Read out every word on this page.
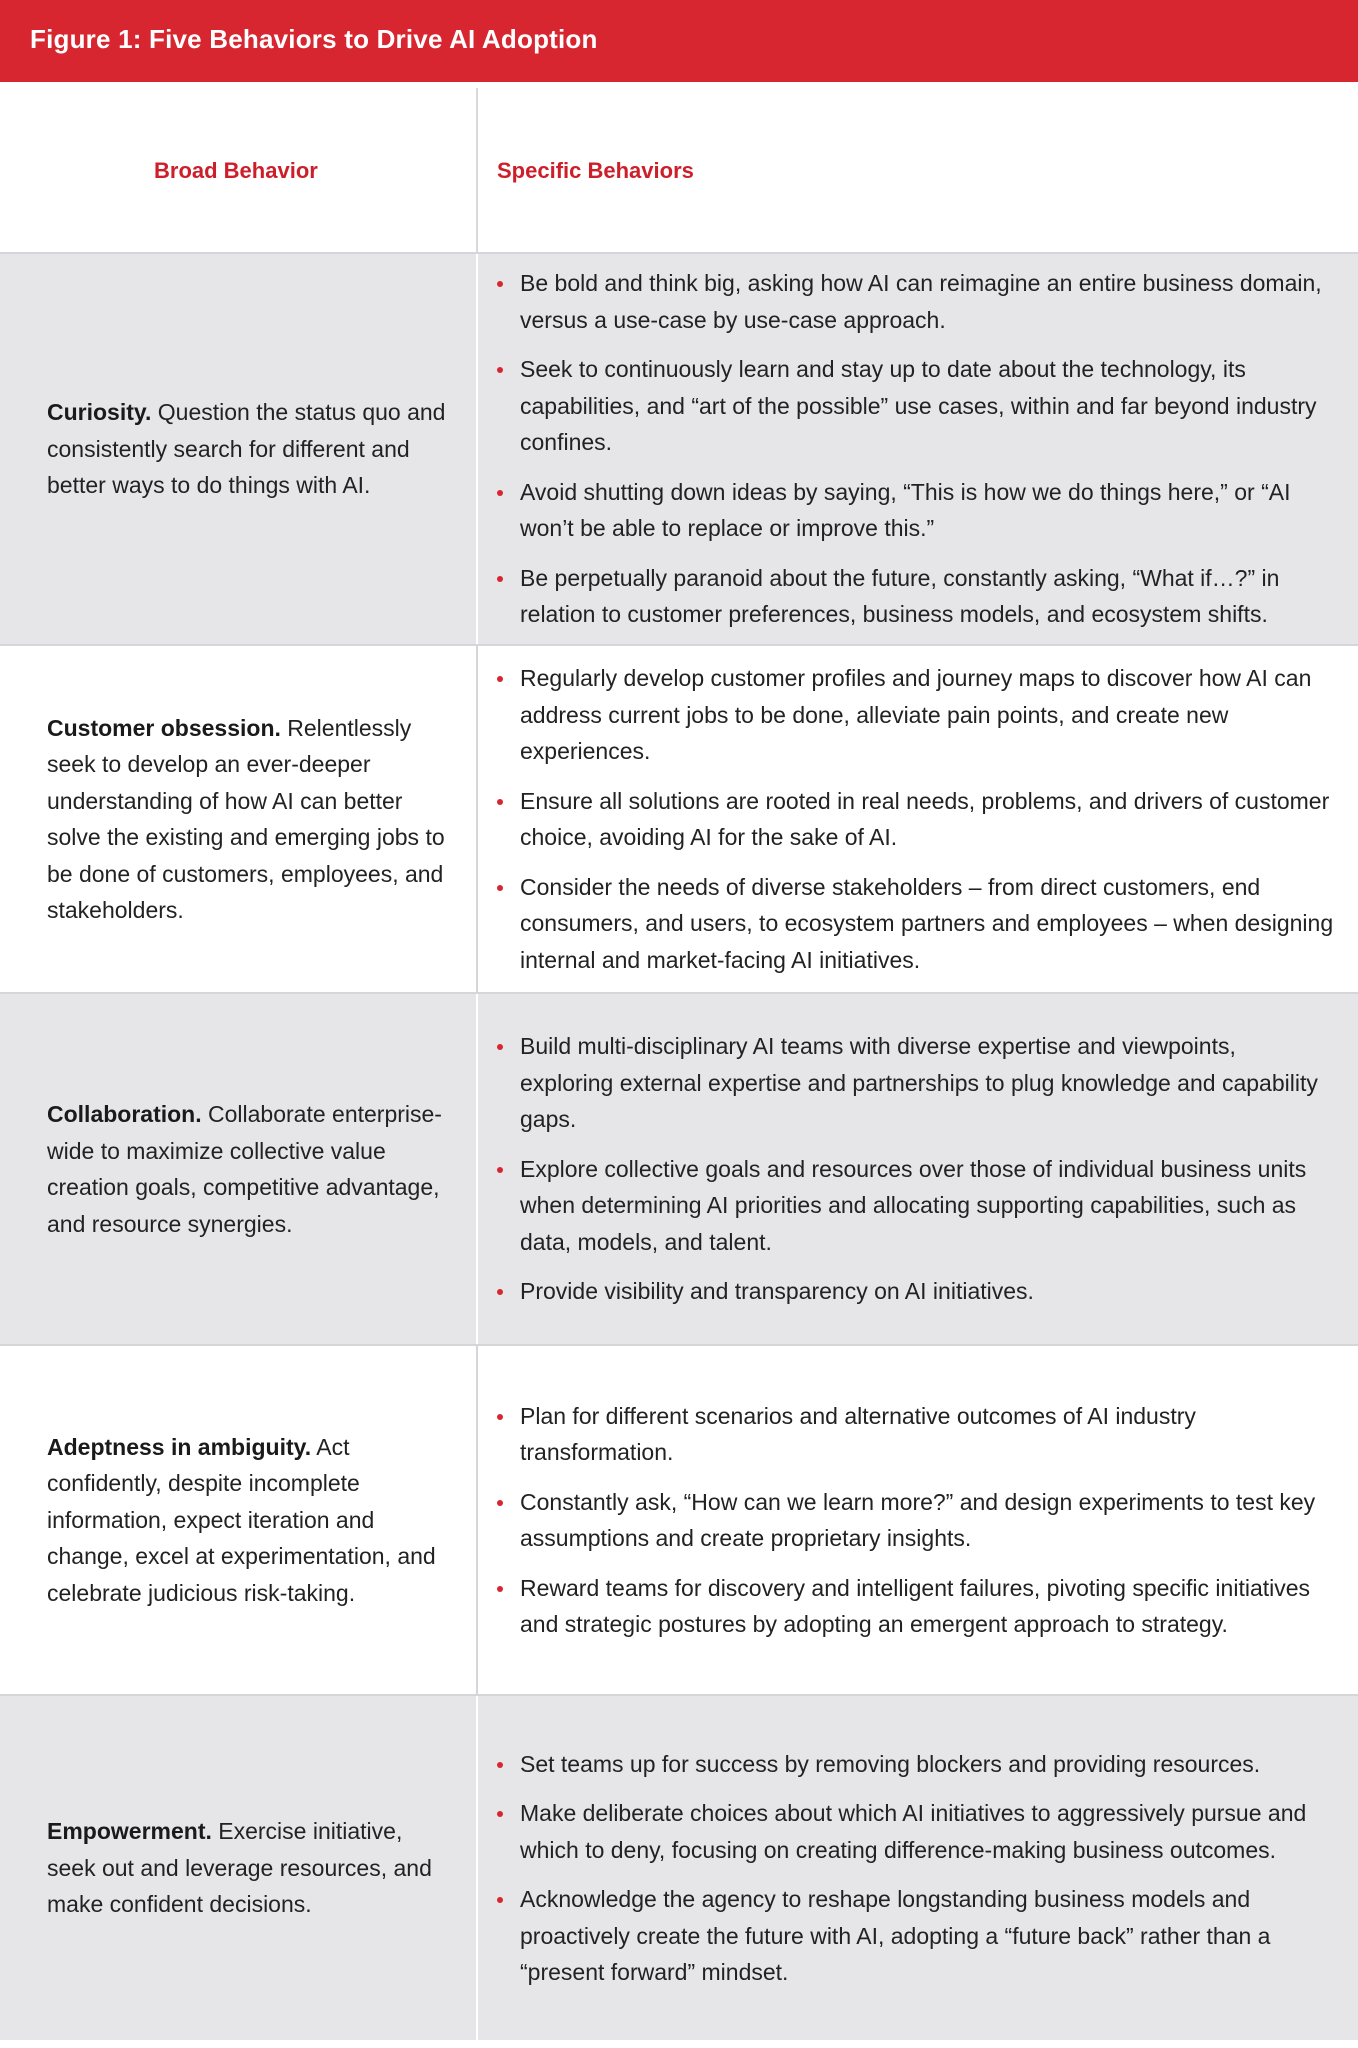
Figure 1: Five Behaviors to Drive AI Adoption
Broad Behavior	Specific Behaviors

Curiosity. Question the status quo and consistently search for different and better ways to do things with AI.

Be bold and think big, asking how AI can reimagine an entire business domain, versus a use-case by use-case approach.
Seek to continuously learn and stay up to date about the technology, its capabilities, and “art of the possible” use cases, within and far beyond industry confines.
Avoid shutting down ideas by saying, “This is how we do things here,” or “AI won’t be able to replace or improve this.”
Be perpetually paranoid about the future, constantly asking, “What if…?” in relation to customer preferences, business models, and ecosystem shifts.

Customer obsession. Relentlessly seek to develop an ever-deeper understanding of how AI can better solve the existing and emerging jobs to be done of customers, employees, and stakeholders.

Regularly develop customer profiles and journey maps to discover how AI can address current jobs to be done, alleviate pain points, and create new experiences.
Ensure all solutions are rooted in real needs, problems, and drivers of customer choice, avoiding AI for the sake of AI.
Consider the needs of diverse stakeholders – from direct customers, end consumers, and users, to ecosystem partners and employees – when designing internal and market-facing AI initiatives.

Collaboration. Collaborate enterprise-wide to maximize collective value creation goals, competitive advantage, and resource synergies.

Build multi-disciplinary AI teams with diverse expertise and viewpoints, exploring external expertise and partnerships to plug knowledge and capability gaps.
Explore collective goals and resources over those of individual business units when determining AI priorities and allocating supporting capabilities, such as data, models, and talent.
Provide visibility and transparency on AI initiatives.

Adeptness in ambiguity. Act confidently, despite incomplete information, expect iteration and change, excel at experimentation, and celebrate judicious risk-taking.

Plan for different scenarios and alternative outcomes of AI industry transformation.
Constantly ask, “How can we learn more?” and design experiments to test key assumptions and create proprietary insights.
Reward teams for discovery and intelligent failures, pivoting specific initiatives and strategic postures by adopting an emergent approach to strategy.

Empowerment. Exercise initiative, seek out and leverage resources, and make confident decisions.

Set teams up for success by removing blockers and providing resources.
Make deliberate choices about which AI initiatives to aggressively pursue and which to deny, focusing on creating difference-making business outcomes.
Acknowledge the agency to reshape longstanding business models and proactively create the future with AI, adopting a “future back” rather than a “present forward” mindset.
